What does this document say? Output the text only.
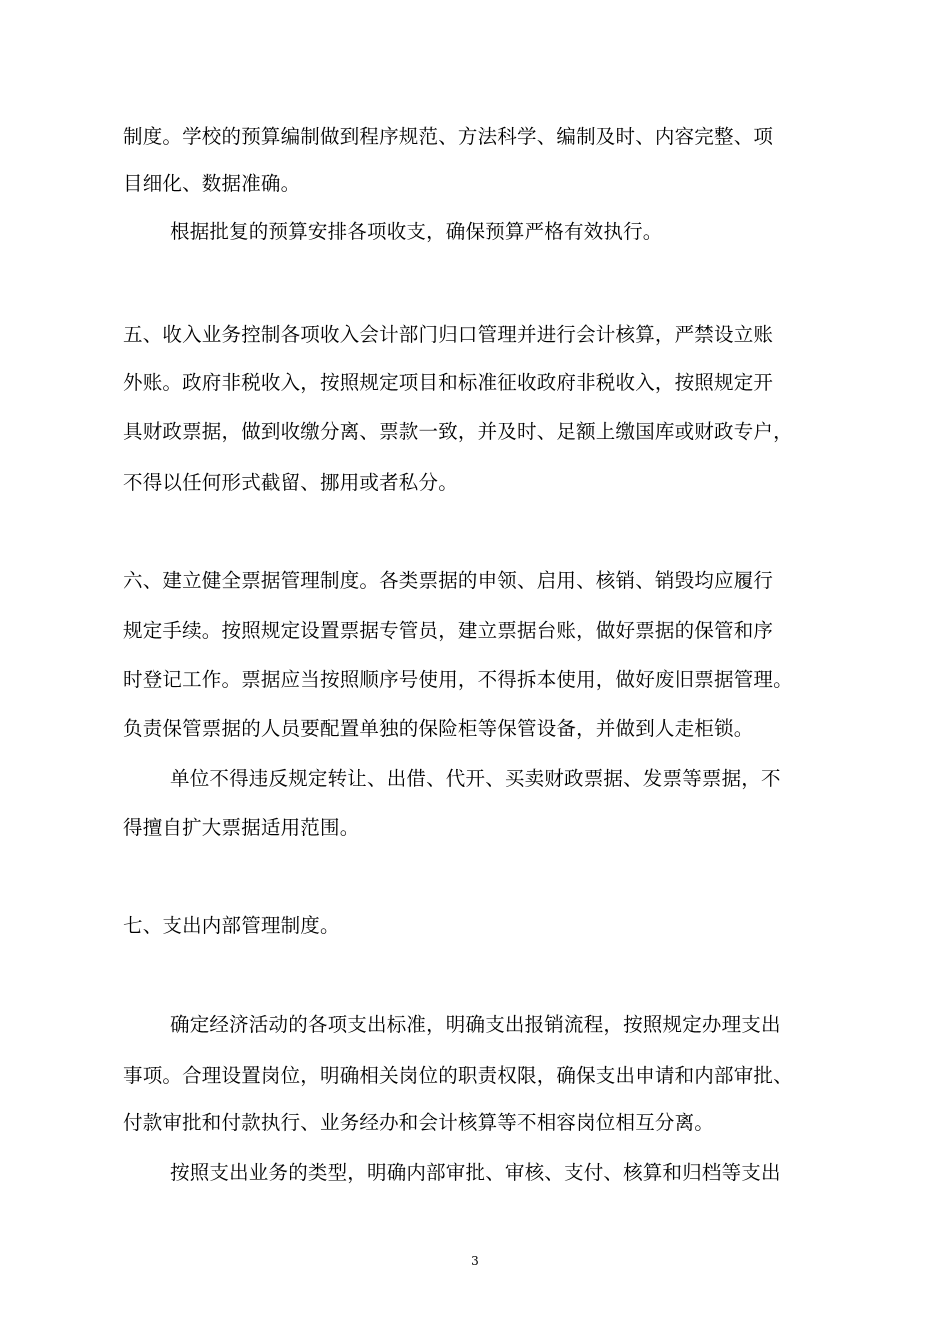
制度。学校的预算编制做到程序规范、方法科学、编制及时、内容完整、项
目细化、数据准确。
根据批复的预算安排各项收支，确保预算严格有效执行。
五、收入业务控制各项收入会计部门归口管理并进行会计核算，严禁设立账
外账。政府非税收入，按照规定项目和标准征收政府非税收入，按照规定开
具财政票据，做到收缴分离、票款一致，并及时、足额上缴国库或财政专户，
不得以任何形式截留、挪用或者私分。
六、建立健全票据管理制度。各类票据的申领、启用、核销、销毁均应履行
规定手续。按照规定设置票据专管员，建立票据台账，做好票据的保管和序
时登记工作。票据应当按照顺序号使用，不得拆本使用，做好废旧票据管理。
负责保管票据的人员要配置单独的保险柜等保管设备，并做到人走柜锁。
单位不得违反规定转让、出借、代开、买卖财政票据、发票等票据，不
得擅自扩大票据适用范围。
七、支出内部管理制度。
确定经济活动的各项支出标准，明确支出报销流程，按照规定办理支出
事项。合理设置岗位，明确相关岗位的职责权限，确保支出申请和内部审批、
付款审批和付款执行、业务经办和会计核算等不相容岗位相互分离。
按照支出业务的类型，明确内部审批、审核、支付、核算和归档等支出
3
